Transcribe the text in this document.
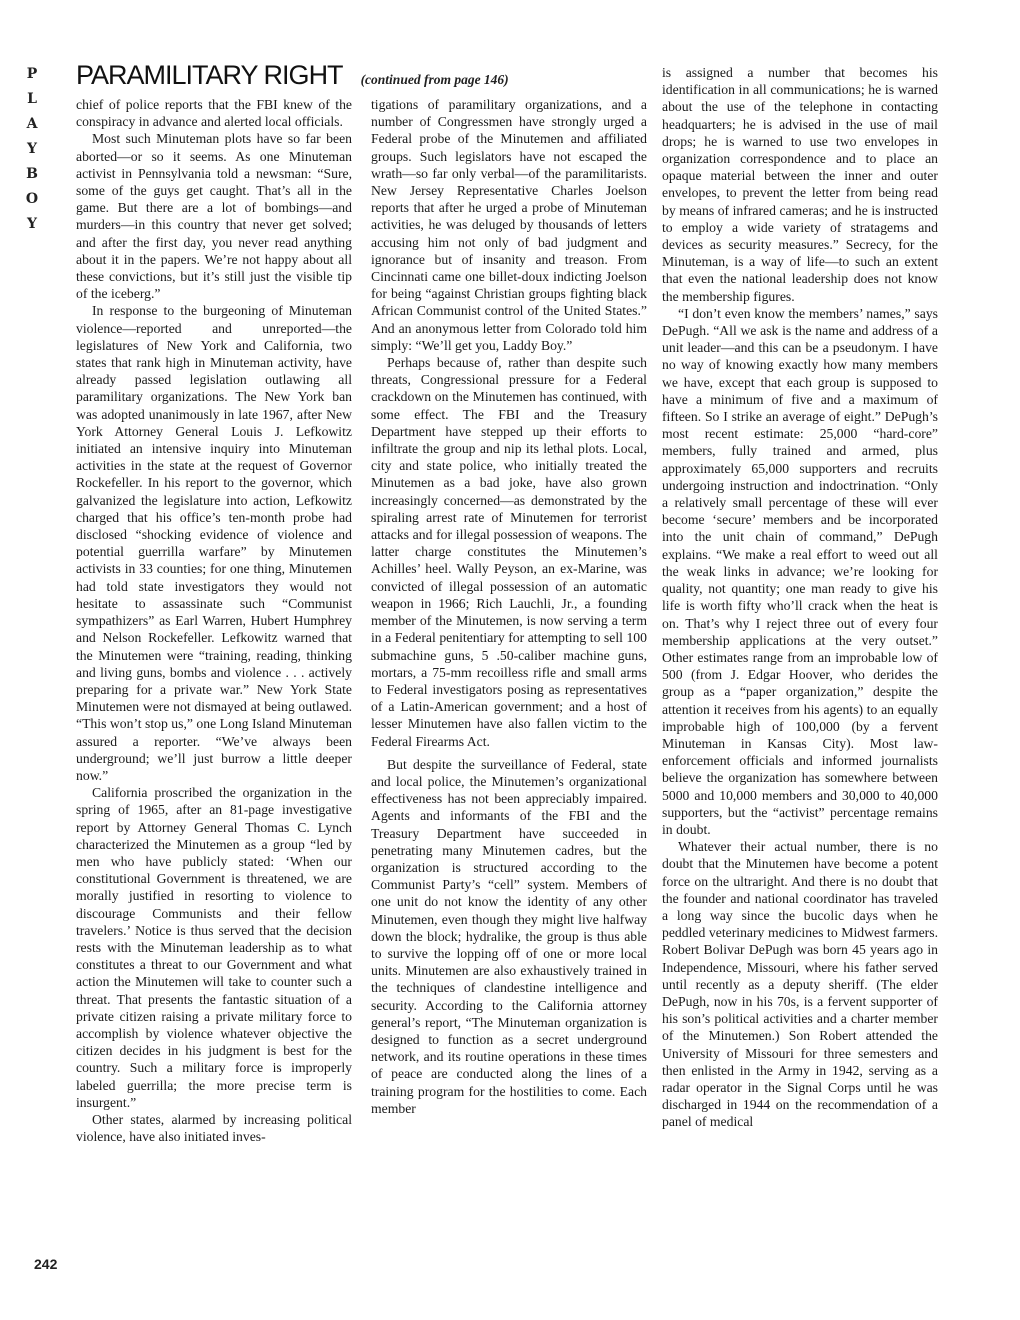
P
L
A
Y
B
O
Y
PARAMILITARY RIGHT (continued from page 146)

chief of police reports that the FBI knew of the conspiracy in advance and alerted local officials.

Most such Minuteman plots have so far been aborted—or so it seems. As one Minuteman activist in Pennsylvania told a newsman: “Sure, some of the guys get caught. That’s all in the game. But there are a lot of bombings—and murders—in this country that never get solved; and after the first day, you never read anything about it in the papers. We’re not happy about all these convictions, but it’s still just the visible tip of the iceberg.”

In response to the burgeoning of Minuteman violence—reported and unreported—the legislatures of New York and California, two states that rank high in Minuteman activity, have already passed legislation outlawing all paramilitary organizations. The New York ban was adopted unanimously in late 1967, after New York Attorney General Louis J. Lefkowitz initiated an intensive inquiry into Minuteman activities in the state at the request of Governor Rockefeller. In his report to the governor, which galvanized the legislature into action, Lefkowitz charged that his office’s ten-month probe had disclosed “shocking evidence of violence and potential guerrilla warfare” by Minutemen activists in 33 counties; for one thing, Minutemen had told state investigators they would not hesitate to assassinate such “Communist sympathizers” as Earl Warren, Hubert Humphrey and Nelson Rockefeller. Lefkowitz warned that the Minutemen were “training, reading, thinking and living guns, bombs and violence . . . actively preparing for a private war.” New York State Minutemen were not dismayed at being outlawed. “This won’t stop us,” one Long Island Minuteman assured a reporter. “We’ve always been underground; we’ll just burrow a little deeper now.”

California proscribed the organization in the spring of 1965, after an 81-page investigative report by Attorney General Thomas C. Lynch characterized the Minutemen as a group “led by men who have publicly stated: ‘When our constitutional Government is threatened, we are morally justified in resorting to violence to discourage Communists and their fellow travelers.’ Notice is thus served that the decision rests with the Minuteman leadership as to what constitutes a threat to our Government and what action the Minutemen will take to counter such a threat. That presents the fantastic situation of a private citizen raising a private military force to accomplish by violence whatever objective the citizen decides in his judgment is best for the country. Such a military force is improperly labeled guerrilla; the more precise term is insurgent.”

Other states, alarmed by increasing political violence, have also initiated inves-

tigations of paramilitary organizations, and a number of Congressmen have strongly urged a Federal probe of the Minutemen and affiliated groups. Such legislators have not escaped the wrath—so far only verbal—of the paramilitarists. New Jersey Representative Charles Joelson reports that after he urged a probe of Minuteman activities, he was deluged by thousands of letters accusing him not only of bad judgment and ignorance but of insanity and treason. From Cincinnati came one billet-doux indicting Joelson for being “against Christian groups fighting black African Communist control of the United States.” And an anonymous letter from Colorado told him simply: “We’ll get you, Laddy Boy.”

Perhaps because of, rather than despite such threats, Congressional pressure for a Federal crackdown on the Minutemen has continued, with some effect. The FBI and the Treasury Department have stepped up their efforts to infiltrate the group and nip its lethal plots. Local, city and state police, who initially treated the Minutemen as a bad joke, have also grown increasingly concerned—as demonstrated by the spiraling arrest rate of Minutemen for terrorist attacks and for illegal possession of weapons. The latter charge constitutes the Minutemen’s Achilles’ heel. Wally Peyson, an ex-Marine, was convicted of illegal possession of an automatic weapon in 1966; Rich Lauchli, Jr., a founding member of the Minutemen, is now serving a term in a Federal penitentiary for attempting to sell 100 submachine guns, 5 .50-caliber machine guns, mortars, a 75-mm recoilless rifle and small arms to Federal investigators posing as representatives of a Latin-American government; and a host of lesser Minutemen have also fallen victim to the Federal Firearms Act.

But despite the surveillance of Federal, state and local police, the Minutemen’s organizational effectiveness has not been appreciably impaired. Agents and informants of the FBI and the Treasury Department have succeeded in penetrating many Minutemen cadres, but the organization is structured according to the Communist Party’s “cell” system. Members of one unit do not know the identity of any other Minutemen, even though they might live halfway down the block; hydralike, the group is thus able to survive the lopping off of one or more local units. Minutemen are also exhaustively trained in the techniques of clandestine intelligence and security. According to the California attorney general’s report, “The Minuteman organization is designed to function as a secret underground network, and its routine operations in these times of peace are conducted along the lines of a training program for the hostilities to come. Each member

is assigned a number that becomes his identification in all communications; he is warned about the use of the telephone in contacting headquarters; he is advised in the use of mail drops; he is warned to use two envelopes in organization correspondence and to place an opaque material between the inner and outer envelopes, to prevent the letter from being read by means of infrared cameras; and he is instructed to employ a wide variety of stratagems and devices as security measures.” Secrecy, for the Minuteman, is a way of life—to such an extent that even the national leadership does not know the membership figures.

“I don’t even know the members’ names,” says DePugh. “All we ask is the name and address of a unit leader—and this can be a pseudonym. I have no way of knowing exactly how many members we have, except that each group is supposed to have a minimum of five and a maximum of fifteen. So I strike an average of eight.” DePugh’s most recent estimate: 25,000 “hard-core” members, fully trained and armed, plus approximately 65,000 supporters and recruits undergoing instruction and indoctrination. “Only a relatively small percentage of these will ever become ‘secure’ members and be incorporated into the unit chain of command,” DePugh explains. “We make a real effort to weed out all the weak links in advance; we’re looking for quality, not quantity; one man ready to give his life is worth fifty who’ll crack when the heat is on. That’s why I reject three out of every four membership applications at the very outset.” Other estimates range from an improbable low of 500 (from J. Edgar Hoover, who derides the group as a “paper organization,” despite the attention it receives from his agents) to an equally improbable high of 100,000 (by a fervent Minuteman in Kansas City). Most law-enforcement officials and informed journalists believe the organization has somewhere between 5000 and 10,000 members and 30,000 to 40,000 supporters, but the “activist” percentage remains in doubt.

Whatever their actual number, there is no doubt that the Minutemen have become a potent force on the ultraright. And there is no doubt that the founder and national coordinator has traveled a long way since the bucolic days when he peddled veterinary medicines to Midwest farmers. Robert Bolivar DePugh was born 45 years ago in Independence, Missouri, where his father served until recently as a deputy sheriff. (The elder DePugh, now in his 70s, is a fervent supporter of his son’s political activities and a charter member of the Minutemen.) Son Robert attended the University of Missouri for three semesters and then enlisted in the Army in 1942, serving as a radar operator in the Signal Corps until he was discharged in 1944 on the recommendation of a panel of medical

242
